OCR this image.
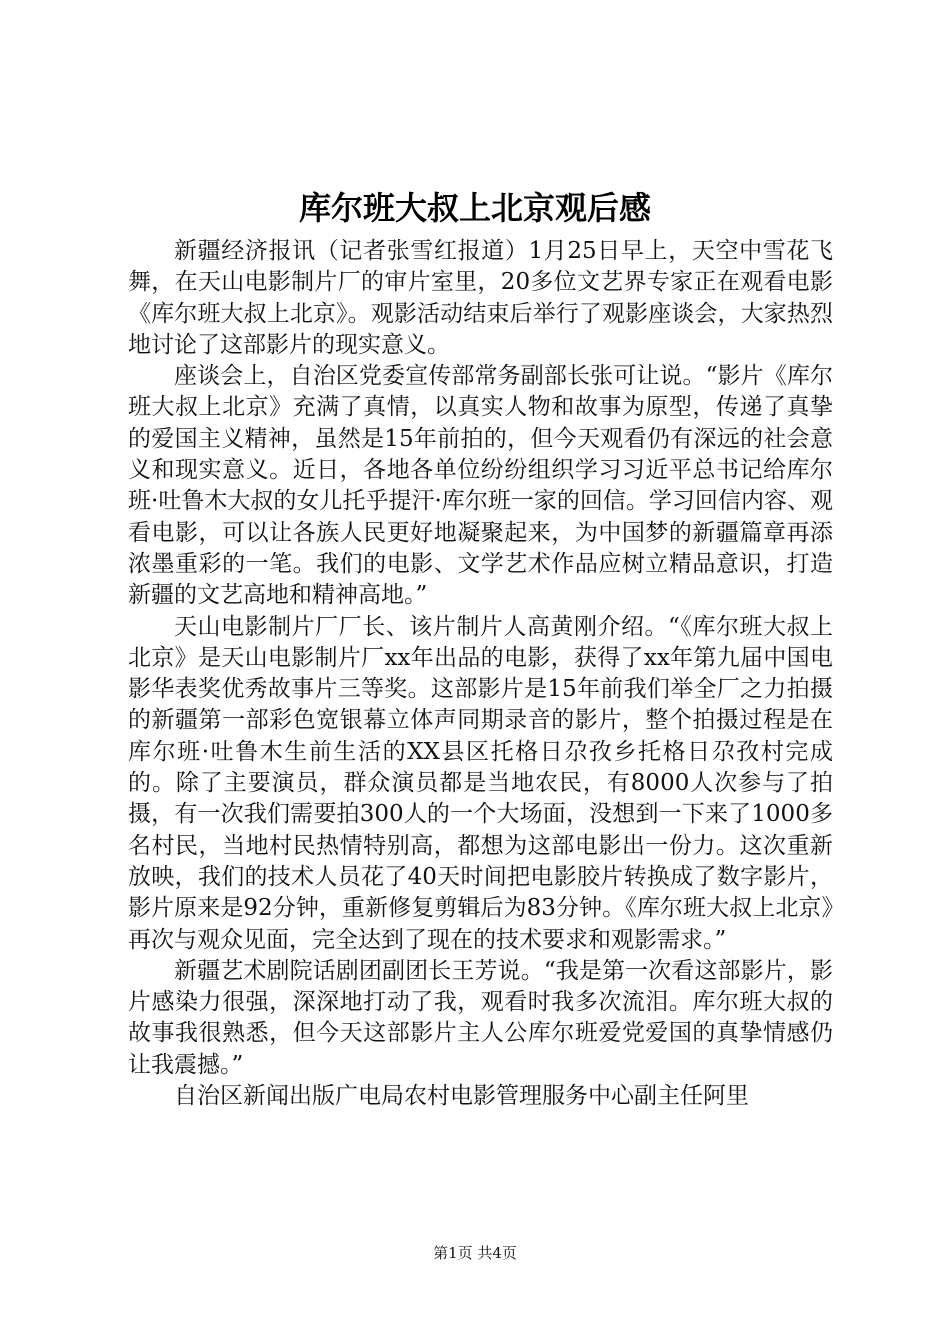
库尔班大叔上北京观后感

新疆经济报讯（记者张雪红报道）1月25日早上，天空中雪花飞舞，在天山电影制片厂的审片室里，20多位文艺界专家正在观看电影《库尔班大叔上北京》。观影活动结束后举行了观影座谈会，大家热烈地讨论了这部影片的现实意义。

座谈会上，自治区党委宣传部常务副部长张可让说。“影片《库尔班大叔上北京》充满了真情，以真实人物和故事为原型，传递了真挚的爱国主义精神，虽然是15年前拍的，但今天观看仍有深远的社会意义和现实意义。近日，各地各单位纷纷组织学习习近平总书记给库尔班·吐鲁木大叔的女儿托乎提汗·库尔班一家的回信。学习回信内容、观看电影，可以让各族人民更好地凝聚起来，为中国梦的新疆篇章再添浓墨重彩的一笔。我们的电影、文学艺术作品应树立精品意识，打造新疆的文艺高地和精神高地。”

天山电影制片厂厂长、该片制片人高黄刚介绍。“《库尔班大叔上北京》是天山电影制片厂xx年出品的电影，获得了xx年第九届中国电影华表奖优秀故事片三等奖。这部影片是15年前我们举全厂之力拍摄的新疆第一部彩色宽银幕立体声同期录音的影片，整个拍摄过程是在库尔班·吐鲁木生前生活的XX县区托格日尕孜乡托格日尕孜村完成的。除了主要演员，群众演员都是当地农民，有8000人次参与了拍摄，有一次我们需要拍300人的一个大场面，没想到一下来了1000多名村民，当地村民热情特别高，都想为这部电影出一份力。这次重新放映，我们的技术人员花了40天时间把电影胶片转换成了数字影片，影片原来是92分钟，重新修复剪辑后为83分钟。《库尔班大叔上北京》再次与观众见面，完全达到了现在的技术要求和观影需求。”

新疆艺术剧院话剧团副团长王芳说。“我是第一次看这部影片，影片感染力很强，深深地打动了我，观看时我多次流泪。库尔班大叔的故事我很熟悉，但今天这部影片主人公库尔班爱党爱国的真挚情感仍让我震撼。”

自治区新闻出版广电局农村电影管理服务中心副主任阿里

第1页 共4页
